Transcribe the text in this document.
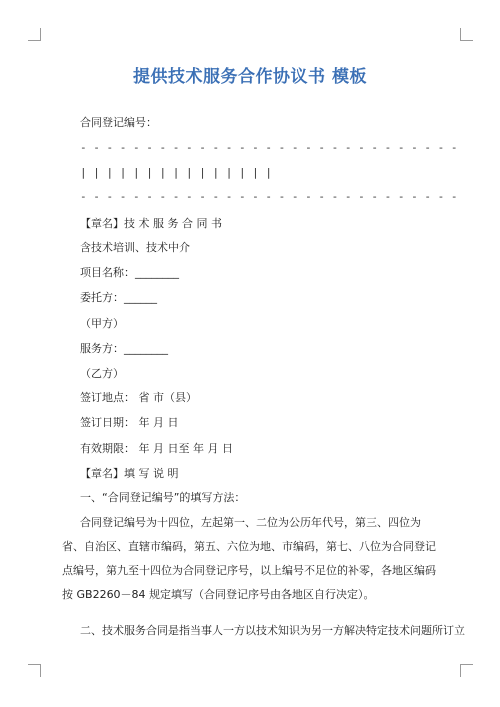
提供技术服务合作协议书 模板
合同登记编号：
- - - - - - - - - - - - - - - - - - - - - - - - - - - - -
| | | | | | | | | | | | | | |
- - - - - - - - - - - - - - - - - - - - - - - - - - - - -
【章名】技 术 服 务 合 同 书
含技术培训、技术中介
项目名称：________
委托方：______
（甲方）
服务方：________
（乙方）
签订地点： 省 市（县）
签订日期： 年 月 日
有效期限： 年 月 日至 年 月 日
【章名】填 写 说 明
一、“合同登记编号”的填写方法：
合同登记编号为十四位，左起第一、二位为公历年代号，第三、四位为省、自治区、直辖市编码，第五、六位为地、市编码，第七、八位为合同登记点编号，第九至十四位为合同登记序号，以上编号不足位的补零，各地区编码按 GB2260－84 规定填写（合同登记序号由各地区自行决定）。
二、技术服务合同是指当事人一方以技术知识为另一方解决特定技术问题所订立
